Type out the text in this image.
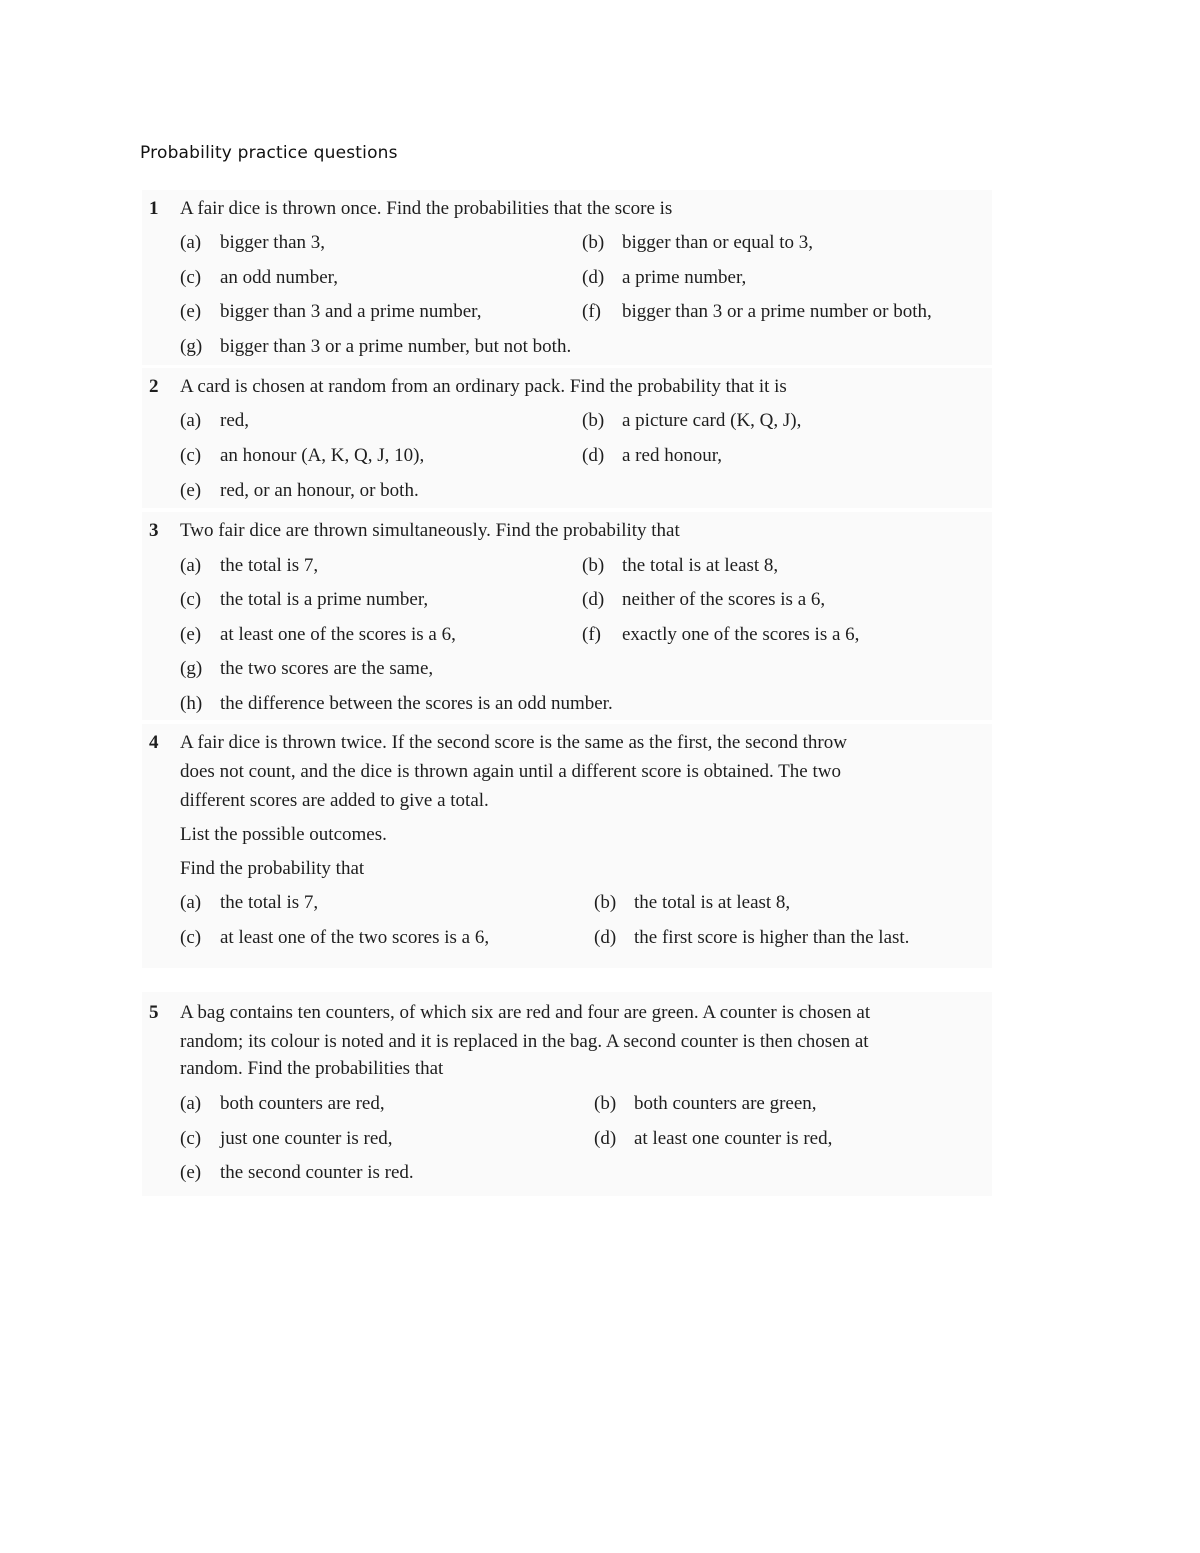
Probability practice questions
1 A fair dice is thrown once. Find the probabilities that the score is
(a) bigger than 3,	(b) bigger than or equal to 3,
(c) an odd number,	(d) a prime number,
(e) bigger than 3 and a prime number,	(f) bigger than 3 or a prime number or both,
(g) bigger than 3 or a prime number, but not both.
2 A card is chosen at random from an ordinary pack. Find the probability that it is
(a) red,	(b) a picture card (K, Q, J),
(c) an honour (A, K, Q, J, 10),	(d) a red honour,
(e) red, or an honour, or both.
3 Two fair dice are thrown simultaneously. Find the probability that
(a) the total is 7,	(b) the total is at least 8,
(c) the total is a prime number,	(d) neither of the scores is a 6,
(e) at least one of the scores is a 6,	(f) exactly one of the scores is a 6,
(g) the two scores are the same,
(h) the difference between the scores is an odd number.
4 A fair dice is thrown twice. If the second score is the same as the first, the second throw
does not count, and the dice is thrown again until a different score is obtained. The two
different scores are added to give a total.
List the possible outcomes.
Find the probability that
(a) the total is 7,	(b) the total is at least 8,
(c) at least one of the two scores is a 6,	(d) the first score is higher than the last.
5 A bag contains ten counters, of which six are red and four are green. A counter is chosen at
random; its colour is noted and it is replaced in the bag. A second counter is then chosen at
random. Find the probabilities that
(a) both counters are red,	(b) both counters are green,
(c) just one counter is red,	(d) at least one counter is red,
(e) the second counter is red.
